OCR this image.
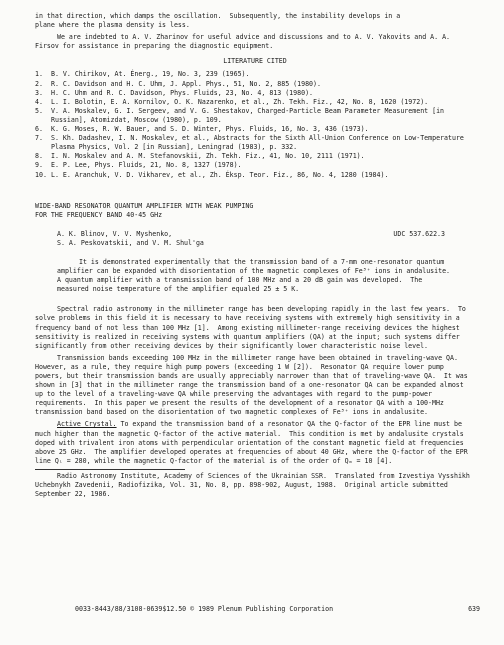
in that direction, which damps the oscillation.  Subsequently, the instability develops in a

plane where the plasma density is less.

We are indebted to A. V. Zharinov for useful advice and discussions and to A. V. Yakovits and A. A. Firsov for assistance in preparing the diagnostic equipment.

LITERATURE CITED

1.	B. V. Chirikov, At. Énerg., 19, No. 3, 239 (1965).
2.	R. C. Davidson and H. C. Uhm, J. Appl. Phys., 51, No. 2, 885 (1980).
3.	H. C. Uhm and R. C. Davidson, Phys. Fluids, 23, No. 4, 813 (1980).
4.	L. I. Bolotin, E. A. Kornilov, O. K. Nazarenko, et al., Zh. Tekh. Fiz., 42, No. 8, 1620 (1972).
5.	V. A. Moskalev, G. I. Sergeev, and V. G. Shestakov, Charged-Particle Beam Parameter Measurement [in Russian], Atomizdat, Moscow (1980), p. 109.
6.	K. G. Moses, R. W. Bauer, and S. D. Winter, Phys. Fluids, 16, No. 3, 436 (1973).
7.	S. Kh. Dadashev, I. N. Moskalev, et al., Abstracts for the Sixth All-Union Conference on Low-Temperature Plasma Physics, Vol. 2 [in Russian], Leningrad (1983), p. 332.
8.	I. N. Moskalev and A. M. Stefanovskii, Zh. Tekh. Fiz., 41, No. 10, 2111 (1971).
9.	E. P. Lee, Phys. Fluids, 21, No. 8, 1327 (1978).
10. L. E. Aranchuk, V. D. Vikharev, et al., Zh. Éksp. Teor. Fiz., 86, No. 4, 1280 (1984).

WIDE-BAND RESONATOR QUANTUM AMPLIFIER WITH WEAK PUMPING

FOR THE FREQUENCY BAND 40-45 GHz

A. K. Blinov, V. V. Myshenko,	UDC 537.622.3

S. A. Peskovatskii, and V. M. Shul'ga

It is demonstrated experimentally that the transmission band of a 7-mm one-resonator quantum amplifier can be expanded with disorientation of the magnetic complexes of Fe³⁺ ions in andalusite.  A quantum amplifier with a transmission band of 100 MHz and a 20 dB gain was developed.  The measured noise temperature of the amplifier equaled 25 ± 5 K.

Spectral radio astronomy in the millimeter range has been developing rapidly in the last few years.  To solve problems in this field it is necessary to have receiving systems with extremely high sensitivity in a frequency band of not less than 100 MHz [1].  Among existing millimeter-range receiving devices the highest sensitivity is realized in receiving systems with quantum amplifiers (QA) at the input; such systems differ significantly from other receiving devices by their significantly lower characteristic noise level.

Transmission bands exceeding 100 MHz in the millimeter range have been obtained in traveling-wave QA.  However, as a rule, they require high pump powers (exceeding 1 W [2]).  Resonator QA require lower pump powers, but their transmission bands are usually appreciably narrower than that of traveling-wave QA.  It was shown in [3] that in the millimeter range the transmission band of a one-resonator QA can be expanded almost up to the level of a traveling-wave QA while preserving the advantages with regard to the pump-power requirements.  In this paper we present the results of the development of a resonator QA with a 100-MHz transmission band based on the disorientation of two magnetic complexes of Fe³⁺ ions in andalusite.

Active Crystal. To expand the transmission band of a resonator QA the Q-factor of the EPR line must be much higher than the magnetic Q-factor of the active material.  This condition is met by andalusite crystals doped with trivalent iron atoms with perpendicular orientation of the constant magnetic field at frequencies above 25 GHz.  The amplifier developed operates at frequencies of about 40 GHz, where the Q-factor of the EPR line Qₗ = 280, while the magnetic Q-factor of the material is of the order of Qₘ = 10 [4].

Radio Astronomy Institute, Academy of Sciences of the Ukrainian SSR.  Translated from Izvestiya Vysshikh Uchebnykh Zavedenii, Radiofizika, Vol. 31, No. 8, pp. 898-902, August, 1988.  Original article submitted September 22, 1986.

0033-8443/88/3108-0639$12.50 © 1989 Plenum Publishing Corporation	639
